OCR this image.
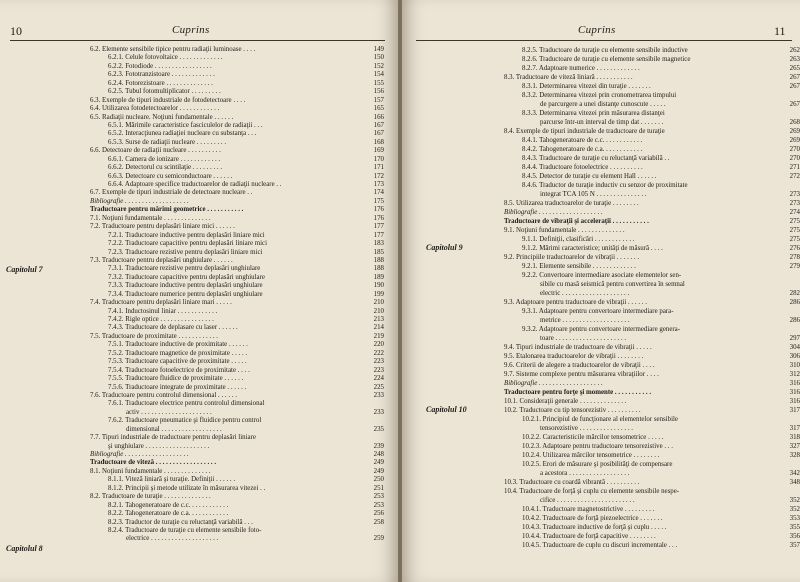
10	Cuprins
6.2. Elemente sensibile tipice pentru radiaţii luminoase . . . .	149
6.2.1. Celule fotovoltaice . . . . . . . . . . . . .	150
6.2.2. Fotodiode . . . . . . . . . . . . . . . . .	152
6.2.3. Fototranzistoare . . . . . . . . . . . . .	154
6.2.4. Fotorezistoare . . . . . . . . . . . . . .	155
6.2.5. Tubul fotomultiplicator . . . . . . . . .	156
6.3. Exemple de tipuri industriale de fotodetectoare . . . .	157
6.4. Utilizarea fotodetectoarelor . . . . . . . . . . . .	165
6.5. Radiaţii nucleare. Noţiuni fundamentale . . . . . .	166
6.5.1. Mărimile caracteristice fasciculelor de radiaţii . . .	167
6.5.2. Interacţiunea radiaţiei nucleare cu substanţa . . .	167
6.5.3. Surse de radiaţii nucleare . . . . . . . . .	168
6.6. Detectoare de radiaţii nucleare . . . . . . . . . .	169
6.6.1. Camera de ionizare . . . . . . . . . . . .	170
6.6.2. Detectorul cu scintilaţie . . . . . . . . .	171
6.6.3. Detectoare cu semiconductoare . . . . . .	172
6.6.4. Adaptoare specifice traductoarelor de radiaţii nucleare . .	173
6.7. Exemple de tipuri industriale de detectoare nucleare . .	174
Bibliografie . . . . . . . . . . . . . . . . . . .	175
Traductoare pentru mărimi geometrice . . . . . . . . . . .	176
7.1. Noţiuni fundamentale . . . . . . . . . . . . . .	176
7.2. Traductoare pentru deplasări liniare mici . . . . . .	177
7.2.1. Traductoare inductive pentru deplasări liniare mici	177
7.2.2. Traductoare capacitive pentru deplasări liniare mici	183
7.2.3. Traductoare rezistive pentru deplasări liniare mici	185
7.3. Traductoare pentru deplasări unghiulare . . . . . .	188
7.3.1. Traductoare rezistive pentru deplasări unghiulare	188
7.3.2. Traductoare capacitive pentru deplasări unghiulare	189
7.3.3. Traductoare inductive pentru deplasări unghiulare	190
7.3.4. Traductoare numerice pentru deplasări unghiulare	199
7.4. Traductoare pentru deplasări liniare mari . . . . .	210
7.4.1. Inductosinul liniar . . . . . . . . . . . .	210
7.4.2. Rigle optice . . . . . . . . . . . . . . . .	213
7.4.3. Traductoare de deplasare cu laser . . . . . .	214
7.5. Traductoare de proximitate . . . . . . . . . . . .	219
7.5.1. Traductoare inductive de proximitate . . . . . .	220
7.5.2. Traductoare magnetice de proximitate . . . . .	222
7.5.3. Traductoare capacitive de proximitate . . . . .	223
7.5.4. Traductoare fotoelectrice de proximitate . . . .	223
7.5.5. Traductoare fluidice de proximitate . . . . . .	224
7.5.6. Traductoare integrate de proximitate . . . . . .	225
7.6. Traductoare pentru controlul dimensional . . . . . .	233
7.6.1. Traductoare electrice pentru controlul dimensional
activ . . . . . . . . . . . . . . . . . . . . .	233
7.6.2. Traductoare pneumatice şi fluidice pentru control
dimensional . . . . . . . . . . . . . . . . . .	235
7.7. Tipuri industriale de traductoare pentru deplasări liniare
şi unghiulare . . . . . . . . . . . . . . . . . . .	239
Bibliografie . . . . . . . . . . . . . . . . . . .	248
Traductoare de viteză . . . . . . . . . . . . . . . . . .	249
8.1. Noţiuni fundamentale . . . . . . . . . . . . . .	249
8.1.1. Viteză liniară şi turaţie. Definiţii . . . . . .	250
8.1.2. Principii şi metode utilizate în măsurarea vitezei . .	251
8.2. Traductoare de turaţie . . . . . . . . . . . . . .	253
8.2.1. Tahogeneratoare de c.c. . . . . . . . . . . .	253
8.2.2. Tahogeneratoare de c.a. . . . . . . . . . . .	256
8.2.3. Traductor de turaţie cu reluctanţă variabilă . . .	258
8.2.4. Traductoare de turaţie cu elemente sensibile foto-
electrice . . . . . . . . . . . . . . . . . . . .	259
Capitolul 7
Capitolul 8
Cuprins	11
8.2.5. Traductoare de turaţie cu elemente sensibile inductive	262
8.2.6. Traductoare de turaţie cu elemente sensibile magnetice	263
8.2.7. Adaptoare numerice . . . . . . . . . . . . .	265
8.3. Traductoare de viteză liniară . . . . . . . . . . .	267
8.3.1. Determinarea vitezei din turaţie . . . . . . .	267
8.3.2. Determinarea vitezei prin cronometrarea timpului
de parcurgere a unei distanţe cunoscute . . . . .	267
8.3.3. Determinarea vitezei prin măsurarea distanţei
parcurse într-un interval de timp dat . . . . . . .	268
8.4. Exemple de tipuri industriale de traductoare de turaţie	269
8.4.1. Tahogeneratoare de c.c. . . . . . . . . . . .	269
8.4.2. Tahogeneratoare de c.a. . . . . . . . . . . .	270
8.4.3. Traductoare de turaţie cu reluctanţă variabilă . .	270
8.4.4. Traductoare fotoelectrice . . . . . . . . . .	271
8.4.5. Detector de turaţie cu element Hall . . . . . .	272
8.4.6. Traductor de turaţie inductiv cu senzor de proximitate
integrat TCA 105 N . . . . . . . . . . . . . . .	273
8.5. Utilizarea traductoarelor de turaţie . . . . . . . .	273
Bibliografie . . . . . . . . . . . . . . . . . . .	274
Traductoare de vibraţii şi acceleraţii . . . . . . . . . . .	275
9.1. Noţiuni fundamentale . . . . . . . . . . . . . .	275
9.1.1. Definiţii, clasificări . . . . . . . . . . . .	275
9.1.2. Mărimi caracteristice; unităţi de măsură . . . .	276
9.2. Principiile traductoarelor de vibraţii . . . . . . .	278
9.2.1. Elemente sensibile . . . . . . . . . . . . .	279
9.2.2. Convertoare intermediare asociate elementelor sen-
sibile cu masă seismică pentru convertirea în semnal
electric . . . . . . . . . . . . . . . . . . . .	282
9.3. Adaptoare pentru traductoare de vibraţii . . . . . .	286
9.3.1. Adaptoare pentru convertoare intermediare para-
metrice . . . . . . . . . . . . . . . . . . . .	286
9.3.2. Adaptoare pentru convertoare intermediare genera-
toare . . . . . . . . . . . . . . . . . . . . .	297
9.4. Tipuri industriale de traductoare de vibraţii . . . . .	304
9.5. Etalonarea traductoarelor de vibraţii . . . . . . . .	306
9.6. Criterii de alegere a traductoarelor de vibraţii . . . .	310
9.7. Sisteme complexe pentru măsurarea vibraţiilor . . . .	312
Bibliografie . . . . . . . . . . . . . . . . . . .	316
Traductoare pentru forţe şi momente . . . . . . . . . . .	316
10.1. Consideraţii generale . . . . . . . . . . . . . .	316
10.2. Traductoare cu tip tensorezistiv . . . . . . . . . .	317
10.2.1. Principiul de funcţionare al elementelor sensibile
tensorezistive . . . . . . . . . . . . . . . .	317
10.2.2. Caracteristicile mărcilor tensometrice . . . . .	318
10.2.3. Adaptoare pentru traductoare tensorezistive . . .	327
10.2.4. Utilizarea mărcilor tensometrice . . . . . . . .	328
10.2.5. Erori de măsurare şi posibilităţi de compensare
a acestora . . . . . . . . . . . . . . . . . .	342
10.3. Traductoare cu coardă vibrantă . . . . . . . . . .	348
10.4. Traductoare de forţă şi cuplu cu elemente sensibile nespe-
cifice . . . . . . . . . . . . . . . . . . . . . . .	352
10.4.1. Traductoare magnetostrictive . . . . . . . . .	352
10.4.2. Traductoare de forţă piezoelectrice . . . . . . .	353
10.4.3. Traductoare inductive de forţă şi cuplu . . . . .	355
10.4.4. Traductoare de forţă capacitive . . . . . . . .	356
10.4.5. Traductoare de cuplu cu discuri incrementale . . .	357
Capitolul 9
Capitolul 10
